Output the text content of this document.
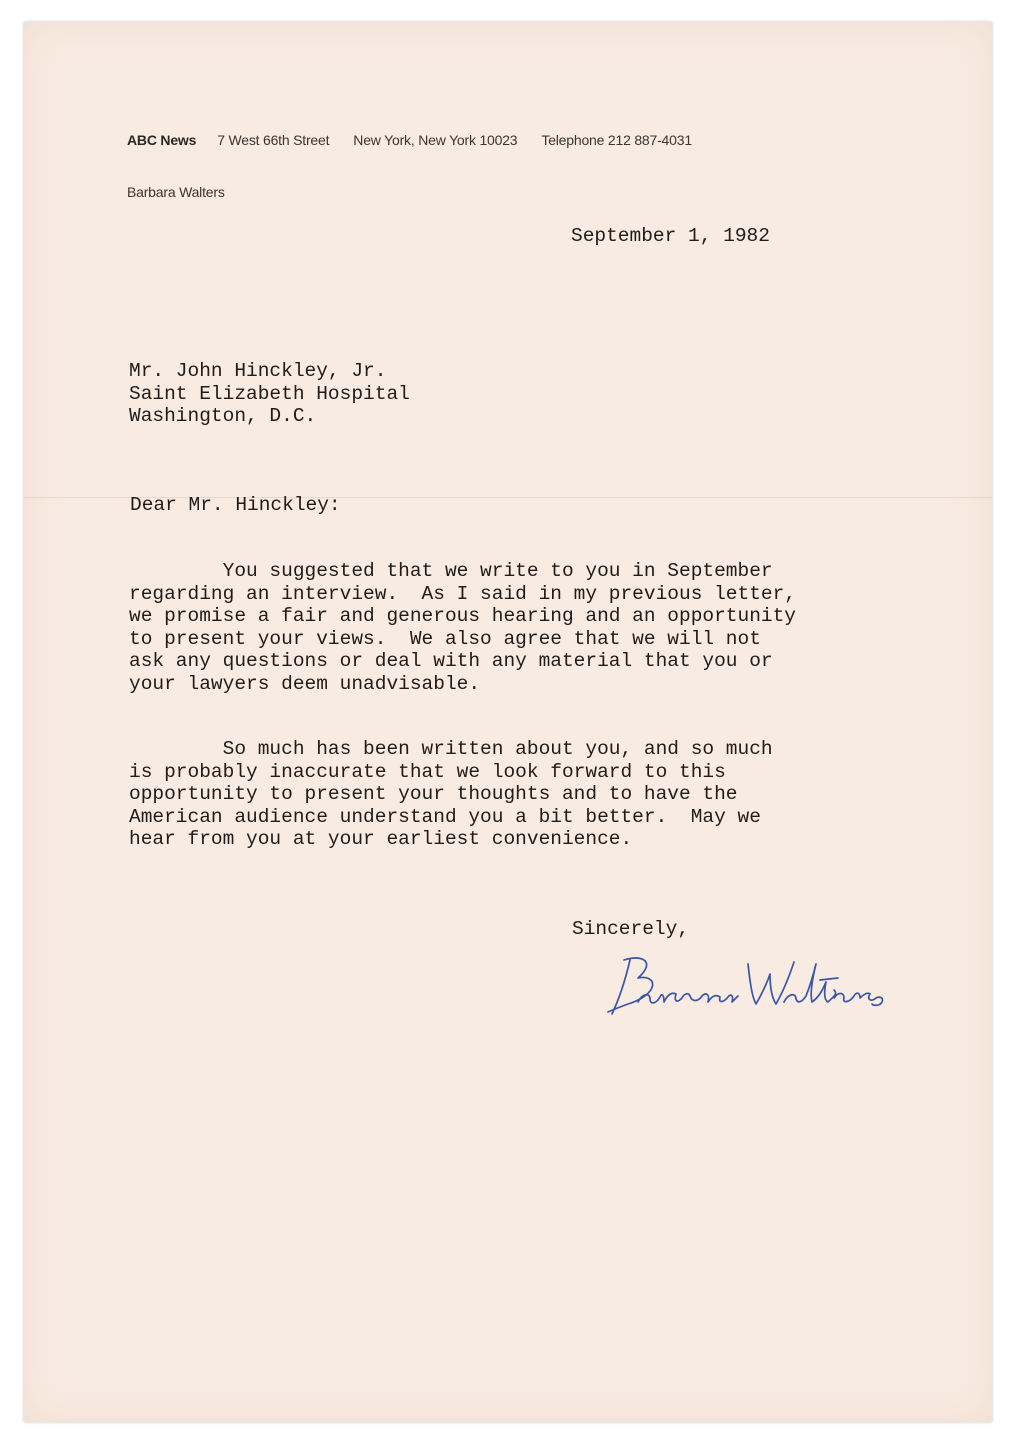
ABC News 7 West 66th Street New York, New York 10023 Telephone 212 887-4031
Barbara Walters
September 1, 1982
Mr. John Hinckley, Jr.
Saint Elizabeth Hospital
Washington, D.C.
Dear Mr. Hinckley:
You suggested that we write to you in September
regarding an interview.  As I said in my previous letter,
we promise a fair and generous hearing and an opportunity
to present your views.  We also agree that we will not
ask any questions or deal with any material that you or
your lawyers deem unadvisable.
So much has been written about you, and so much
is probably inaccurate that we look forward to this
opportunity to present your thoughts and to have the
American audience understand you a bit better.  May we
hear from you at your earliest convenience.
Sincerely,
